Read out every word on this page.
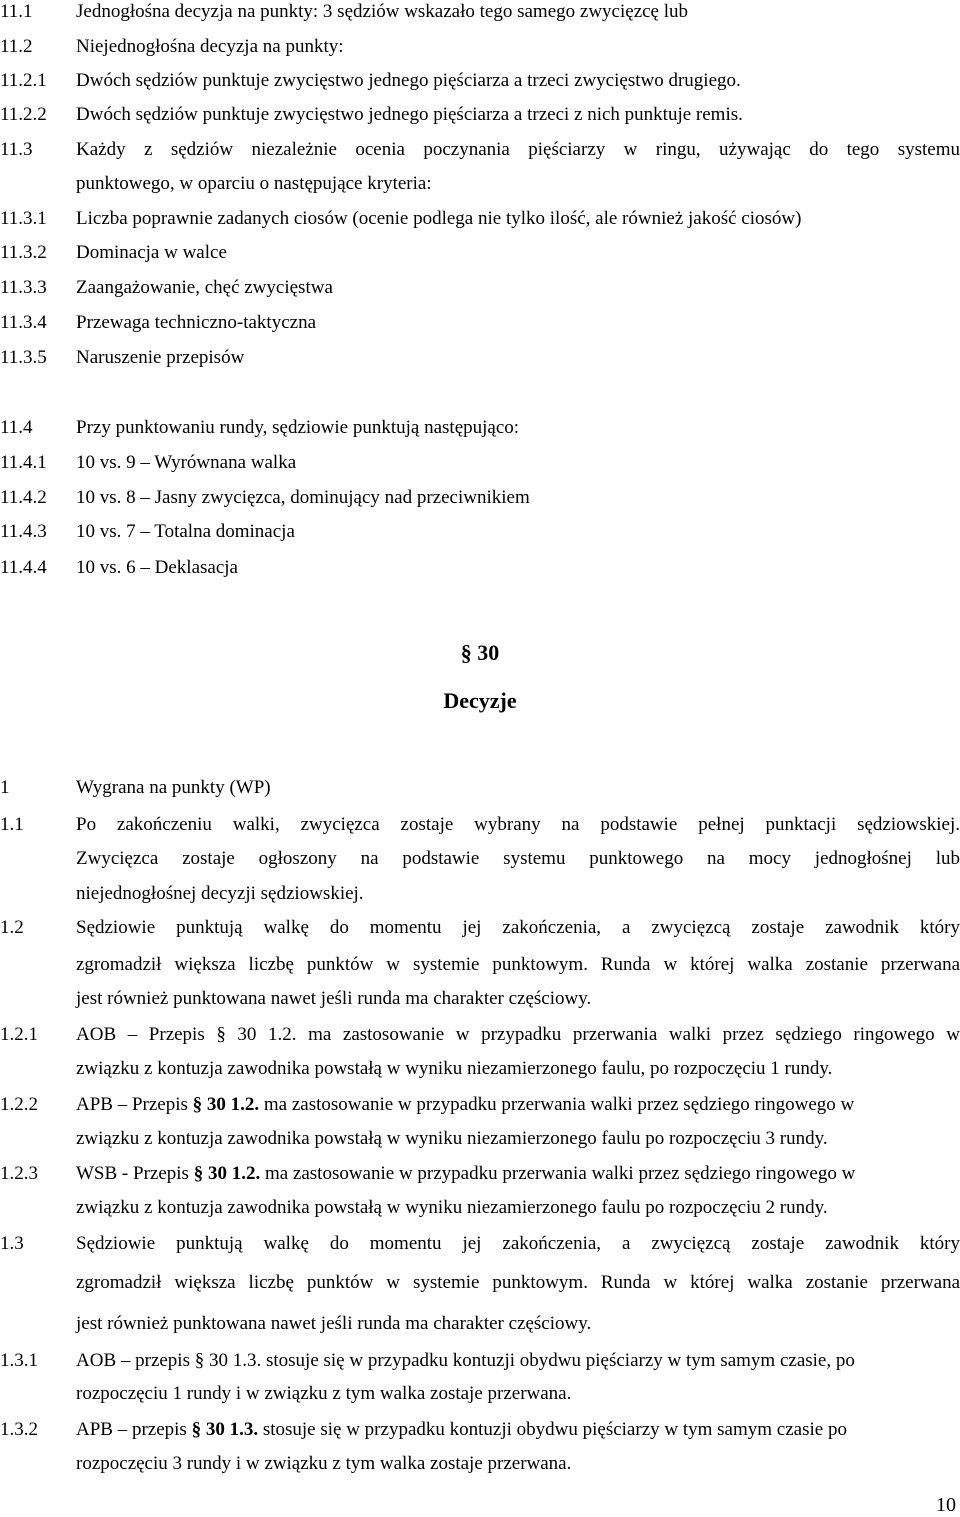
11.1 Jednogłośna decyzja na punkty: 3 sędziów wskazało tego samego zwycięzcę lub
11.2 Niejednogłośna decyzja na punkty:
11.2.1 Dwóch sędziów punktuje zwycięstwo jednego pięściarza a trzeci zwycięstwo drugiego.
11.2.2 Dwóch sędziów punktuje zwycięstwo jednego pięściarza a trzeci z nich punktuje remis.
11.3 Każdy z sędziów niezależnie ocenia poczynania pięściarzy w ringu, używając do tego systemu
punktowego, w oparciu o następujące kryteria:
11.3.1 Liczba poprawnie zadanych ciosów (ocenie podlega nie tylko ilość, ale również jakość ciosów)
11.3.2 Dominacja w walce
11.3.3 Zaangażowanie, chęć zwycięstwa
11.3.4 Przewaga techniczno-taktyczna
11.3.5 Naruszenie przepisów
11.4 Przy punktowaniu rundy, sędziowie punktują następująco:
11.4.1 10 vs. 9 – Wyrównana walka
11.4.2 10 vs. 8 – Jasny zwycięzca, dominujący nad przeciwnikiem
11.4.3 10 vs. 7 – Totalna dominacja
11.4.4 10 vs. 6 – Deklasacja
§ 30
Decyzje
1	Wygrana na punkty (WP)
1.1	Po zakończeniu walki, zwycięzca zostaje wybrany na podstawie pełnej punktacji sędziowskiej.
Zwycięzca zostaje ogłoszony na podstawie systemu punktowego na mocy jednogłośnej lub
niejednogłośnej decyzji sędziowskiej.
1.2	Sędziowie punktują walkę do momentu jej zakończenia, a zwycięzcą zostaje zawodnik który
zgromadził większa liczbę punktów w systemie punktowym. Runda w której walka zostanie przerwana
jest również punktowana nawet jeśli runda ma charakter częściowy.
1.2.1 AOB – Przepis § 30 1.2. ma zastosowanie w przypadku przerwania walki przez sędziego ringowego w
związku z kontuzja zawodnika powstałą w wyniku niezamierzonego faulu, po rozpoczęciu 1 rundy.
1.2.2 APB – Przepis § 30 1.2. ma zastosowanie w przypadku przerwania walki przez sędziego ringowego w
związku z kontuzja zawodnika powstałą w wyniku niezamierzonego faulu po rozpoczęciu 3 rundy.
1.2.3 WSB - Przepis § 30 1.2. ma zastosowanie w przypadku przerwania walki przez sędziego ringowego w
związku z kontuzja zawodnika powstałą w wyniku niezamierzonego faulu po rozpoczęciu 2 rundy.
1.3	Sędziowie punktują walkę do momentu jej zakończenia, a zwycięzcą zostaje zawodnik który
zgromadził większa liczbę punktów w systemie punktowym. Runda w której walka zostanie przerwana
jest również punktowana nawet jeśli runda ma charakter częściowy.
1.3.1 AOB – przepis § 30 1.3. stosuje się w przypadku kontuzji obydwu pięściarzy w tym samym czasie, po
rozpoczęciu 1 rundy i w związku z tym walka zostaje przerwana.
1.3.2 APB – przepis § 30 1.3. stosuje się w przypadku kontuzji obydwu pięściarzy w tym samym czasie po
rozpoczęciu 3 rundy i w związku z tym walka zostaje przerwana.
10
